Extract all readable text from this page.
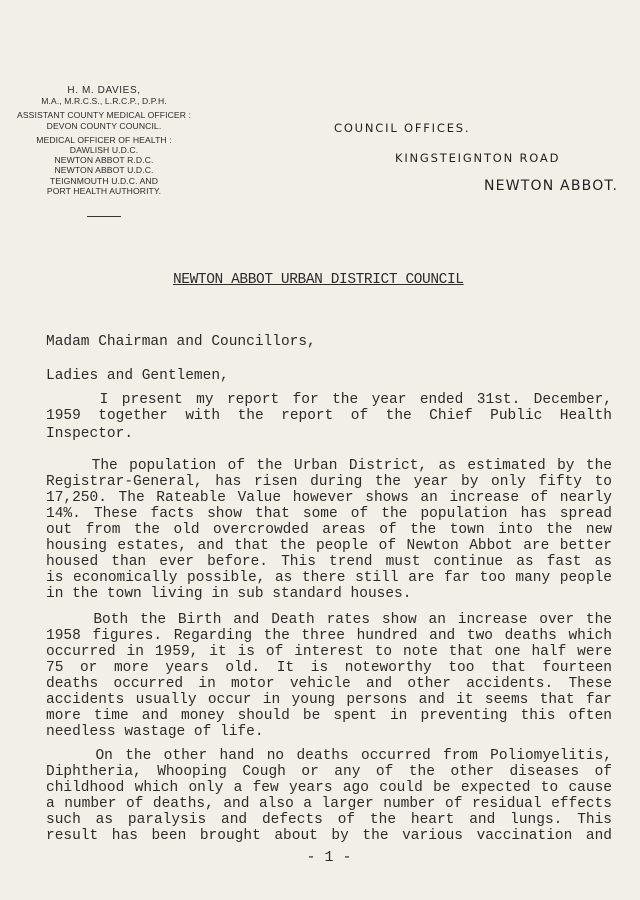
H. M. DAVIES,
M.A., M.R.C.S., L.R.C.P., D.P.H.
ASSISTANT COUNTY MEDICAL OFFICER :
DEVON COUNTY COUNCIL.
MEDICAL OFFICER OF HEALTH :
DAWLISH U.D.C.
NEWTON ABBOT R.D.C.
NEWTON ABBOT U.D.C.
TEIGNMOUTH U.D.C. AND
PORT HEALTH AUTHORITY.
COUNCIL OFFICES.
KINGSTEIGNTON ROAD
NEWTON ABBOT.
NEWTON ABBOT URBAN DISTRICT COUNCIL
Madam Chairman and Councillors,
Ladies and Gentlemen,
I present my report for the year ended 31st. December,
1959 together with the report of the Chief Public Health
Inspector.
The population of the Urban District, as estimated by the
Registrar-General, has risen during the year by only fifty to
17,250. The Rateable Value however shows an increase of nearly
14%. These facts show that some of the population has spread
out from the old overcrowded areas of the town into the new
housing estates, and that the people of Newton Abbot are better
housed than ever before. This trend must continue as fast as
is economically possible, as there still are far too many people
in the town living in sub standard houses.
Both the Birth and Death rates show an increase over the
1958 figures. Regarding the three hundred and two deaths which
occurred in 1959, it is of interest to note that one half were
75 or more years old. It is noteworthy too that fourteen
deaths occurred in motor vehicle and other accidents. These
accidents usually occur in young persons and it seems that far
more time and money should be spent in preventing this often
needless wastage of life.
On the other hand no deaths occurred from Poliomyelitis,
Diphtheria, Whooping Cough or any of the other diseases of
childhood which only a few years ago could be expected to cause
a number of deaths, and also a larger number of residual effects
such as paralysis and defects of the heart and lungs. This
result has been brought about by the various vaccination and
- 1 -
